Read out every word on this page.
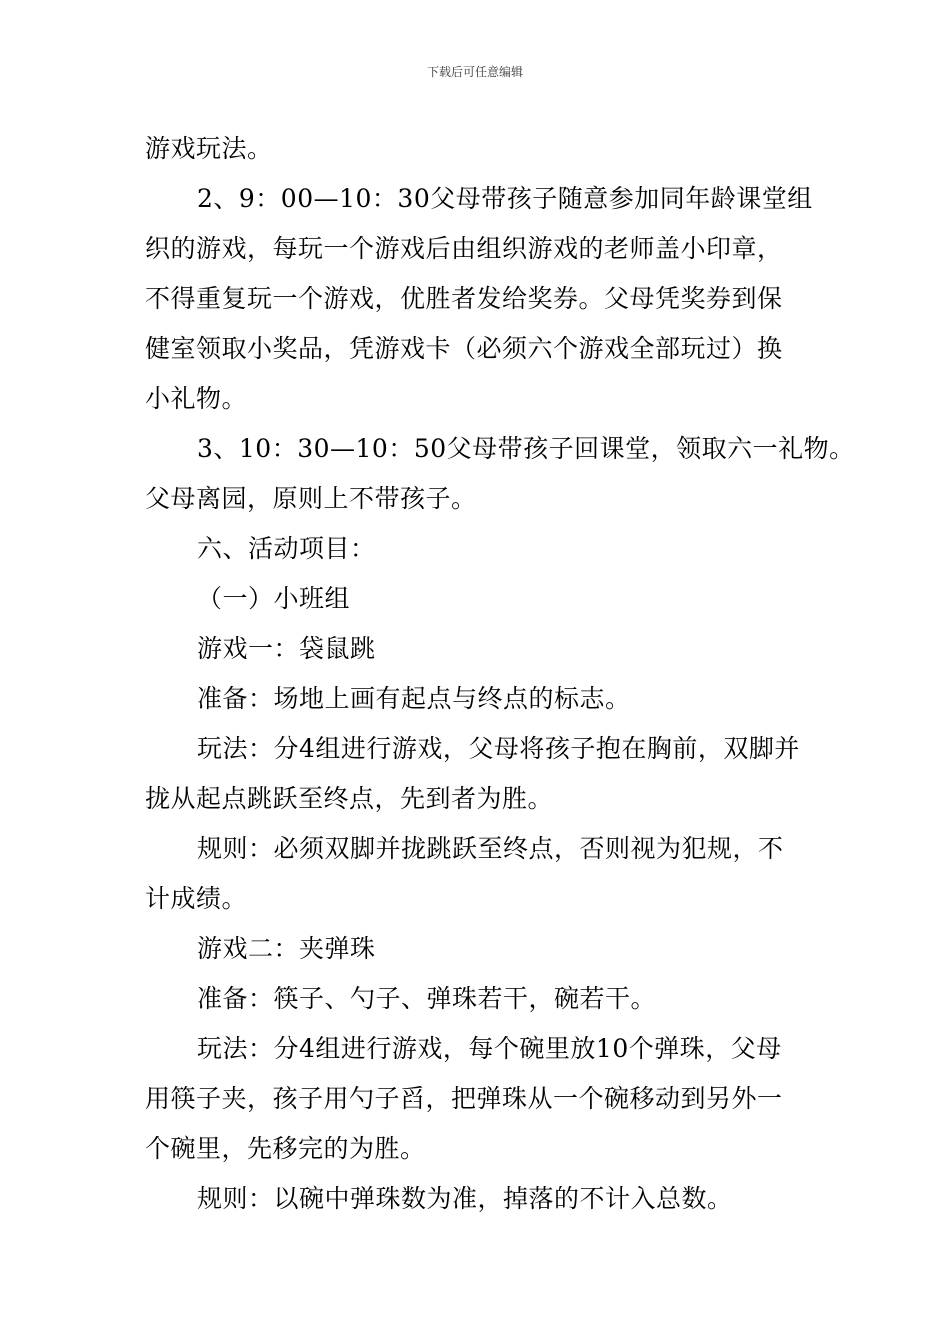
下载后可任意编辑
游戏玩法。
2、9：00—10：30父母带孩子随意参加同年龄课堂组
织的游戏，每玩一个游戏后由组织游戏的老师盖小印章，
不得重复玩一个游戏，优胜者发给奖券。父母凭奖券到保
健室领取小奖品，凭游戏卡（必须六个游戏全部玩过）换
小礼物。
3、10：30—10：50父母带孩子回课堂，领取六一礼物。
父母离园，原则上不带孩子。
六、活动项目：
（一）小班组
游戏一：袋鼠跳
准备：场地上画有起点与终点的标志。
玩法：分4组进行游戏，父母将孩子抱在胸前，双脚并
拢从起点跳跃至终点，先到者为胜。
规则：必须双脚并拢跳跃至终点，否则视为犯规，不
计成绩。
游戏二：夹弹珠
准备：筷子、勺子、弹珠若干，碗若干。
玩法：分4组进行游戏，每个碗里放10个弹珠，父母
用筷子夹，孩子用勺子舀，把弹珠从一个碗移动到另外一
个碗里，先移完的为胜。
规则：以碗中弹珠数为准，掉落的不计入总数。
